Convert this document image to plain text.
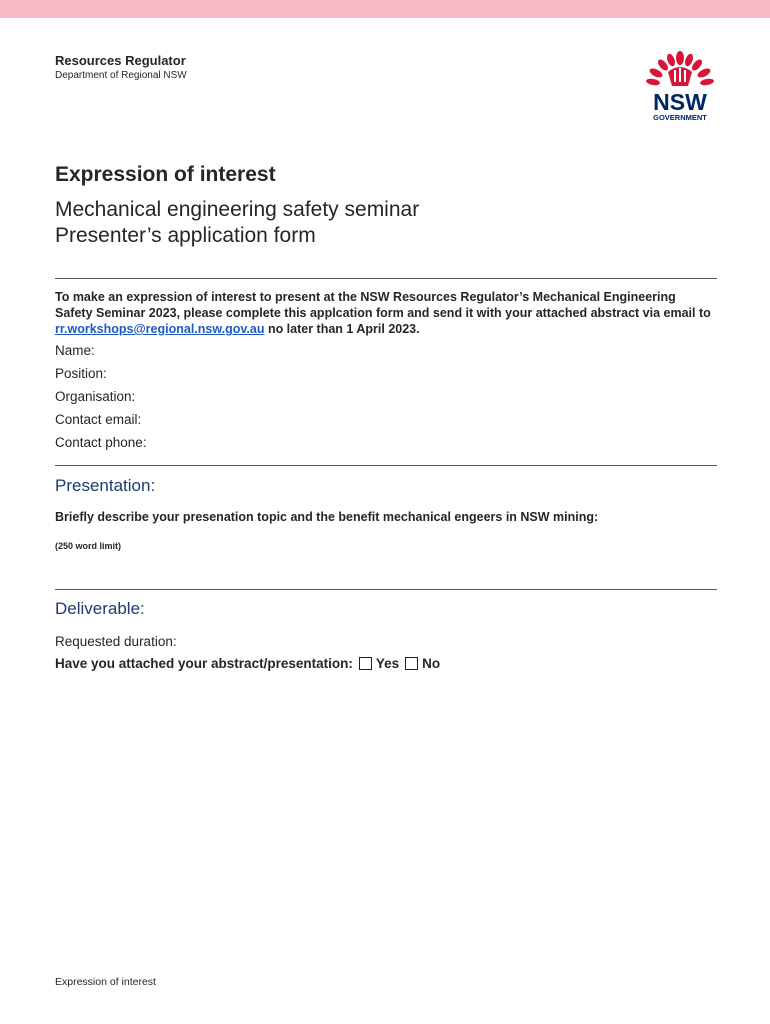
Resources Regulator
Department of Regional NSW
NSW
GOVERNMENT
Expression of interest
Mechanical engineering safety seminar
Presenter’s application form

To make an expression of interest to present at the NSW Resources Regulator’s Mechanical Engineering Safety Seminar 2023, please complete this applcation form and send it with your attached abstract via email to rr.workshops@regional.nsw.gov.au no later than 1 April 2023.

Name:
Position:
Organisation:
Contact email:
Contact phone:
Presentation:
Briefly describe your presenation topic and the benefit mechanical engeers in NSW mining:
(250 word limit)
Deliverable:
Requested duration:
Have you attached your abstract/presentation: Yes No
Expression of interest
